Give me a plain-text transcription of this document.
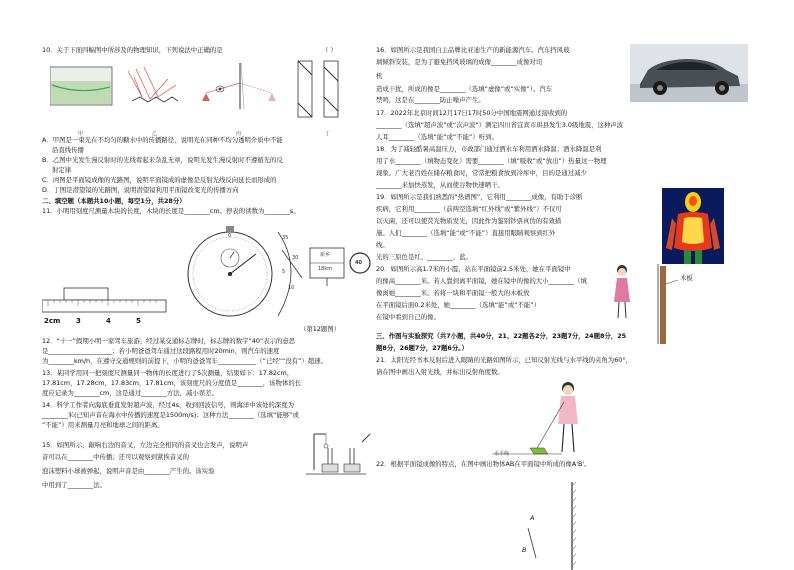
10．关于下面四幅图中所涉及的物理知识，下列说法中正确的是	（ ）
甲	乙	丙	丁
A．甲图是一束光在不均匀的糖水中的传播路径，说明光在同种不均匀透明介质中不能
沿直线传播
B．乙图中光发生漫反射时的光线看起来杂乱无章，说明光发生漫反射时不遵循光的反
射定律
C．丙图是平面镜成像的光路图，说明平面镜成的虚像是反射光线反向延长而形成的
D．丁图是潜望镜的光路图，说明潜望镜利用平面镜改变光的传播方向
二、填空题（本题共10小题，每空1分，共28分）
11．小明用刻度尺测量木块的长度，木块的长度是________cm。停表的读数为________s。
2cm 3	4	5
35
0
30
5
10
新乡
18km
40
（第12题图）
12．“十一”假期小明一家驾车旅游，经过某交通标志牌时，标志牌的数字“40”表示的意思
是____________________；若小明爸爸驾车通过这段路程用时20min，则汽车的速度
为________km/h，在遵守交通规则的前提下，小明的爸爸驾车____________（“已经”“没有”）超速。
13．某同学用同一把刻度尺测量同一物体的长度进行了5次测量，结果如下：17.82cm，
17.81cm，17.28cm，17.83cm，17.81cm，该刻度尺的分度值是________，该物体的长
度应记录为________cm，这是通过________方法，减小误差。
14．科学工作者向海底垂直发射超声波，经过4s，收到回波信号，则海洋中该处的深度为
________米(已知声音在海水中传播的速度是1500m/s)；这种方法________（选填“能够”或
“不能”）用来测量月亮和地球之间的距离。
15．如图所示，敲响右边的音叉，左边完全相同的音叉也会发声，说明声
音可以在________中传播；还可以观察到紧挨音叉的
泡沫塑料小球被弹起，说明声音是由________产生的。该实验
中用到了________法。
16．如图所示是我国自主品牌比亚迪生产的新能源汽车。汽车挡风玻
璃倾斜安装，是为了避免挡风玻璃的成像________成像对司
机
造成干扰，所成的像是________（选填“虚像”或“实像”）。汽车
禁鸣，这是在________防止噪声产生。
17．2022年北京时间12月17日17时50分中国地震网通过接收到的
________（选填“超声波”或“次声波”）测定四川省宜宾市珙县发生3.0级地震，这种声波
人耳________（选填“能”或“不能”）听到。
18．为了减轻酷暑高温压力，市政部门通过洒水车利用洒水降温；酒水降温是利
用了水________（填物态变化）需要________（填“吸收”或“放出”）热量这一物理
现象。广大老百姓在储存粮食时，常常把粮食放到冷库中，目的是通过减少
________来加快蒸发，从而使谷物快速晒干。
19．如图所示是我们熟悉的“热谱图”，它利用________成像，有助于诊断
疾病，它利用________（前两空选填“红外线”或“紫外线”）不仅可
以灭菌，还可以使荧光物质发光，因此作为鉴别钞票真伪的有效措
施。人们________（选填“能”或“不能”）直接用眼睛观察到红外
线。
光的三原色是红、________、蓝。
20．如图所示高1.7米的小霞，站在平面镜前2.5米处，她在平面镜中
的像高________米。若人靠到离平面镜，她在镜中的像的大小________（填
像离她________米。若将一块和平面镜一般大的木板放
在平面镜后面0.2米处，她________（选填“能”或“不能”）
在镜中看到自己的像。
木板
三、作图与实验探究（共7小题，共40分，21、22题各2分，23题7分，24题8分，25
题8分，26题7分，27题6分。）
21．太阳光经书本反射后进入眼睛的光路如图所示，已知反射光线与水平线的夹角为60°，
请在图中画出入射光线，并标出反射角度数。
水平线
22．根据平面镜成像的特点，在图中画出物体AB在平面镜中所成的像A'B'。
A
B
